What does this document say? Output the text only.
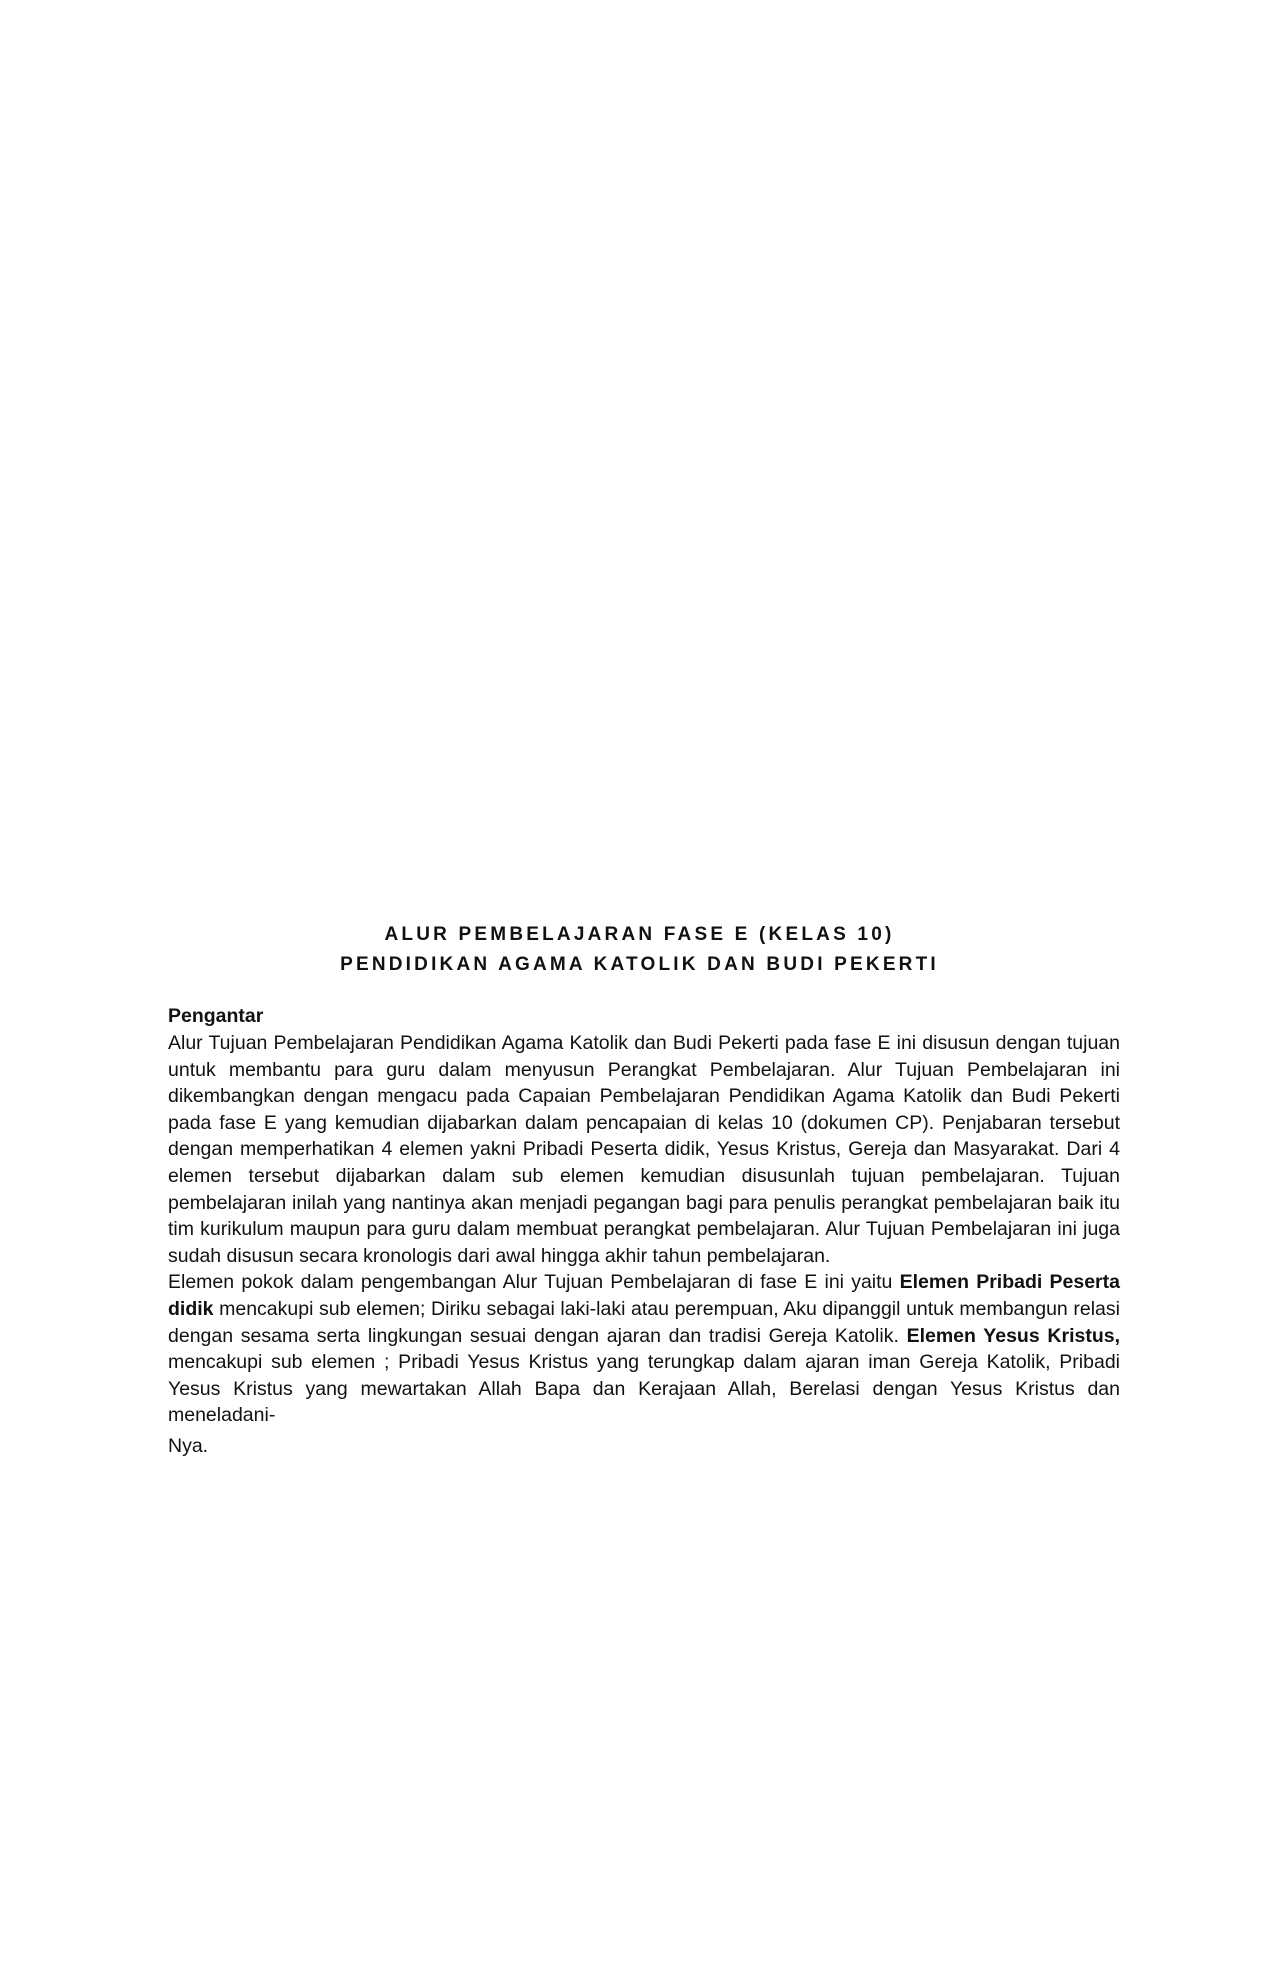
ALUR PEMBELAJARAN FASE E (KELAS 10)

PENDIDIKAN AGAMA KATOLIK DAN BUDI PEKERTI

Pengantar

Alur Tujuan Pembelajaran Pendidikan Agama Katolik dan Budi Pekerti pada fase E ini disusun dengan tujuan untuk membantu para guru dalam menyusun Perangkat Pembelajaran. Alur Tujuan Pembelajaran ini dikembangkan dengan mengacu pada Capaian Pembelajaran Pendidikan Agama Katolik dan Budi Pekerti pada fase E yang kemudian dijabarkan dalam pencapaian di kelas 10 (dokumen CP). Penjabaran tersebut dengan memperhatikan 4 elemen yakni Pribadi Peserta didik, Yesus Kristus, Gereja dan Masyarakat. Dari 4 elemen tersebut dijabarkan dalam sub elemen kemudian disusunlah tujuan pembelajaran. Tujuan pembelajaran inilah yang nantinya akan menjadi pegangan bagi para penulis perangkat pembelajaran baik itu tim kurikulum maupun para guru dalam membuat perangkat pembelajaran. Alur Tujuan Pembelajaran ini juga sudah disusun secara kronologis dari awal hingga akhir tahun pembelajaran.

Elemen pokok dalam pengembangan Alur Tujuan Pembelajaran di fase E ini yaitu Elemen Pribadi Peserta didik mencakupi sub elemen; Diriku sebagai laki-laki atau perempuan, Aku dipanggil untuk membangun relasi dengan sesama serta lingkungan sesuai dengan ajaran dan tradisi Gereja Katolik. Elemen Yesus Kristus, mencakupi sub elemen ; Pribadi Yesus Kristus yang terungkap dalam ajaran iman Gereja Katolik, Pribadi Yesus Kristus yang mewartakan Allah Bapa dan Kerajaan Allah, Berelasi dengan Yesus Kristus dan meneladani-

Nya.
